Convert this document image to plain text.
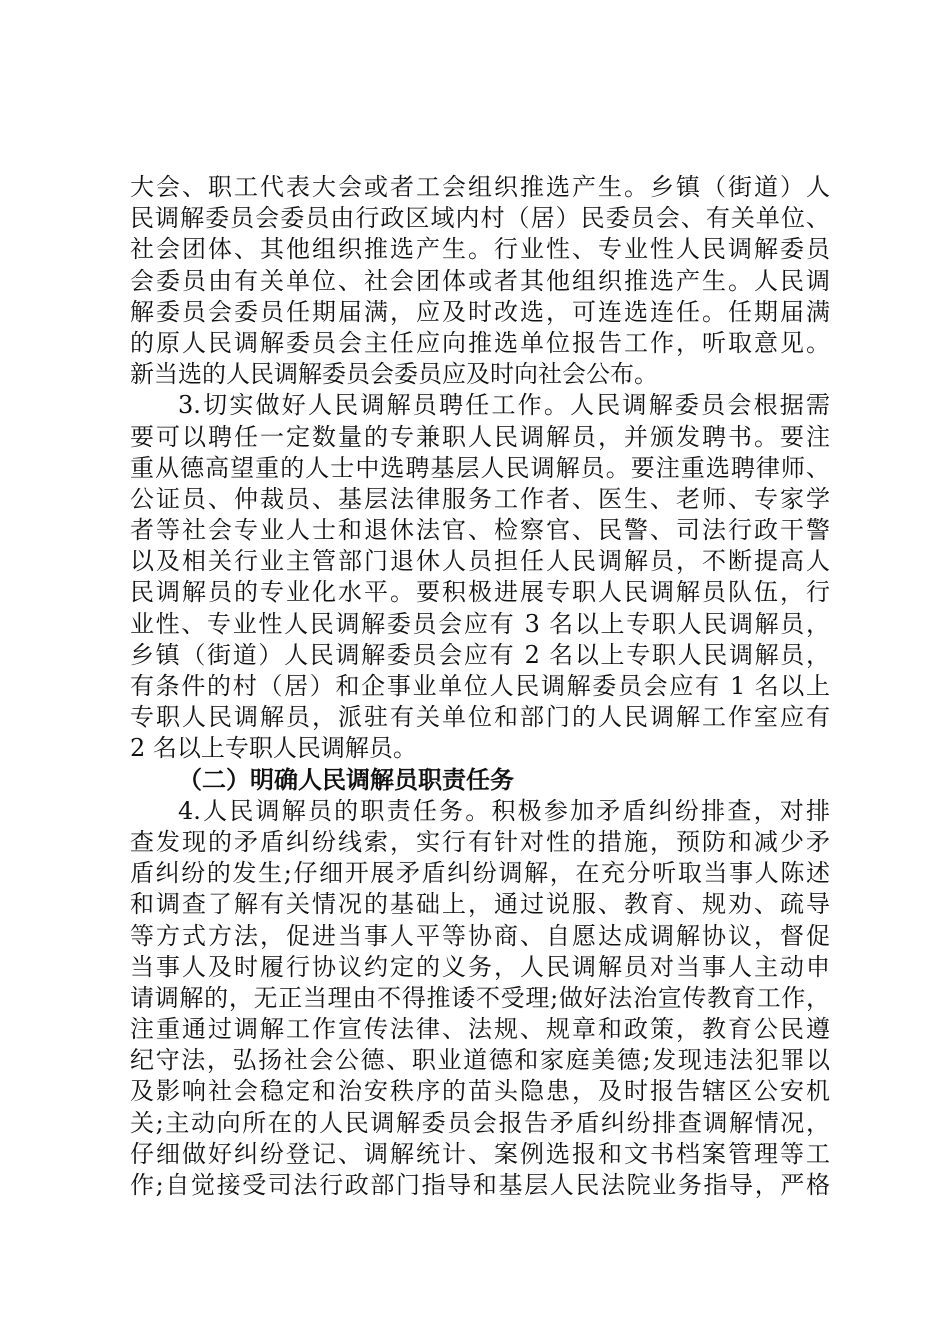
大会、职工代表大会或者工会组织推选产生。乡镇（街道）人
民调解委员会委员由行政区域内村（居）民委员会、有关单位、
社会团体、其他组织推选产生。行业性、专业性人民调解委员
会委员由有关单位、社会团体或者其他组织推选产生。人民调
解委员会委员任期届满，应及时改选，可连选连任。任期届满
的原人民调解委员会主任应向推选单位报告工作，听取意见。
新当选的人民调解委员会委员应及时向社会公布。
3.切实做好人民调解员聘任工作。人民调解委员会根据需
要可以聘任一定数量的专兼职人民调解员，并颁发聘书。要注
重从德高望重的人士中选聘基层人民调解员。要注重选聘律师、
公证员、仲裁员、基层法律服务工作者、医生、老师、专家学
者等社会专业人士和退休法官、检察官、民警、司法行政干警
以及相关行业主管部门退休人员担任人民调解员，不断提高人
民调解员的专业化水平。要积极进展专职人民调解员队伍，行
业性、专业性人民调解委员会应有 3 名以上专职人民调解员，
乡镇（街道）人民调解委员会应有 2 名以上专职人民调解员，
有条件的村（居）和企事业单位人民调解委员会应有 1 名以上
专职人民调解员，派驻有关单位和部门的人民调解工作室应有
2 名以上专职人民调解员。
（二）明确人民调解员职责任务
4.人民调解员的职责任务。积极参加矛盾纠纷排查，对排
查发现的矛盾纠纷线索，实行有针对性的措施，预防和减少矛
盾纠纷的发生;仔细开展矛盾纠纷调解，在充分听取当事人陈述
和调查了解有关情况的基础上，通过说服、教育、规劝、疏导
等方式方法，促进当事人平等协商、自愿达成调解协议，督促
当事人及时履行协议约定的义务，人民调解员对当事人主动申
请调解的，无正当理由不得推诿不受理;做好法治宣传教育工作，
注重通过调解工作宣传法律、法规、规章和政策，教育公民遵
纪守法，弘扬社会公德、职业道德和家庭美德;发现违法犯罪以
及影响社会稳定和治安秩序的苗头隐患，及时报告辖区公安机
关;主动向所在的人民调解委员会报告矛盾纠纷排查调解情况，
仔细做好纠纷登记、调解统计、案例选报和文书档案管理等工
作;自觉接受司法行政部门指导和基层人民法院业务指导，严格
